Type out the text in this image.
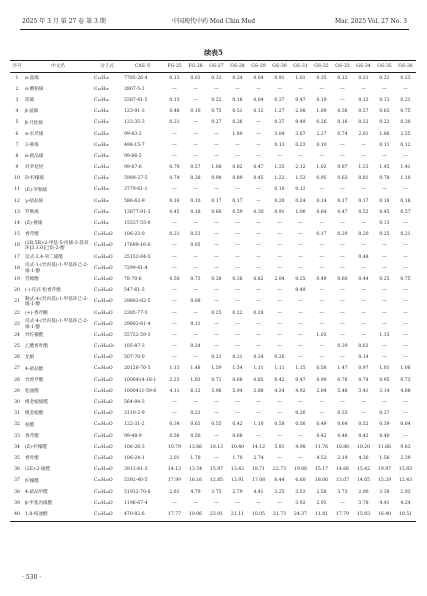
2025 年 3 月 第 27 卷 第 3 期	中国现代中药 Mod Chin Med	Mar. 2025 Vol. 27 No. 3
续表5
序号	中文名	分子式	CAS 号	FG-25	FG-26	GS-27	GS-28	GS-29	GS-30	GS-31	GS-32	GS-33	GS-34	GS-35	GS-36
1	α-蒎烯	C₁₀H₁₆	7785-26-4	0.13	0.03	0.33	0.24	0.04	0.91	1.01	0.35	0.12	0.21	0.22	0.23
2	α-侧柏烯	C₁₀H₁₆	2867-5-2	—	—	—	—	—	—	—	—	—	—	—	—
3	莰烯	C₁₀H₁₆	3387-41-5	0.13	—	0.22	0.16	0.04	0.37	0.47	0.19	—	0.13	0.13	0.21
4	β-蒎烯	C₁₀H₁₆	123-91-3	0.48	0.10	0.75	0.51	0.12	1.27	2.08	1.09	0.38	0.57	0.63	0.75
5	β-月桂烯	C₁₀H₁₆	123-35-3	0.21	—	0.27	0.26	—	0.37	0.49	0.26	0.16	0.22	0.22	0.30
6	α-水芹烯	C₁₀H₁₆	99-83-2	—	—	—	1.80	—	3.04	3.67	2.27	0.74	2.01	1.86	2.55
7	3-蒈烯	C₁₀H₁₆	498-15-7	—	—	—	—	—	0.13	0.23	0.10	—	—	0.11	0.12
8	α-萜品烯	C₁₀H₁₆	99-86-5	—	—	—	—	—	—	—	—	—	—	—	—
9	对伞花烃	C₁₀H₁₄	99-87-6	0.79	0.57	1.08	0.82	0.47	1.35	2.12	1.02	0.87	1.23	1.45	1.41
10	D-柠檬烯	C₁₀H₁₆	5989-27-5	0.74	0.38	0.98	0.89	0.45	1.22	1.53	0.95	0.63	0.81	0.78	1.10
11	(E)-罗勒烯	C₁₀H₁₆	3779-61-1	—	—	—	—	—	0.10	0.12	—	—	—	—	—
12	γ-萜品烯	C₁₀H₁₆	586-62-9	0.16	0.10	0.17	0.17	—	0.20	0.24	0.14	0.17	0.17	0.18	0.18
13	罗勒烯	C₁₀H₁₆	13877-91-3	0.45	0.18	0.66	0.59	0.30	0.91	1.06	0.64	0.47	0.52	0.45	0.57
14	(Z)-蒈烯	C₁₀H₁₆	15537-55-0	—	—	—	—	—	—	—	—	—	—	0.13	—
15	香芹醇	C₁₀H₁₆O	106-23-0	0.21	0.33	—	—	—	—	—	0.17	0.29	0.20	0.25	0.21
16	(2R,5R)-2-甲基-5-丙烯-2-基双环[3.1.0]己烷-2-醇	C₁₀H₁₈O	17699-16-0	—	0.05	—	—	—	—	—	—	—	—	—	—
17	反式-2,4-癸二烯醛	C₁₀H₁₆O	25152-84-5	—	—	—	—	—	—	—	—	—	0.48	—	—
18	反式-1-(异丙基)-1-甲基环己-2-烯-1-醇	C₁₀H₁₈O	7299-41-4	—	—	—	—	—	—	—	—	—	—	—	—
19	芳樟醇	C₁₀H₁₈O	78-70-6	0.50	0.73	0.38	0.36	0.82	2.04	0.25	0.49	0.60	0.44	0.25	0.75
20	(-)-反式-松香芹醇	C₁₀H₁₆O	547-61-5	—	—	—	—	—	—	0.49	—	—	—	—	—
21	顺式-4-(异丙基)-1-甲基环己-2-烯-1-醇	C₁₀H₁₈O	29803-82-5	—	0.08	—	—	—	—	—	—	—	—	—	—
22	(+)-香芹酮	C₁₀H₁₄O	2385-77-5	—	—	0.25	0.22	0.28	—	—	—	—	—	—	—
23	反式-4-(异丙基)-1-甲基环己-2-烯-1-醇	C₁₀H₁₈O	29803-81-4	—	0.11	—	—	—	—	—	—	—	—	—	—
24	异柠檬醛	C₁₀H₁₆O	55722-59-3	—	—	—	—	—	—	—	1.03	—	—	1.15	—
25	乙酸香叶酯	C₁₂H₂₀O₂	105-87-3	—	0.24	—	—	—	—	—	—	0.39	0.62	—	—
26	龙脑	C₁₀H₁₈O	507-70-0	—	—	0.21	0.21	0.34	0.26	—	—	—	0.14	—	—
27	4-萜品醇	C₁₀H₁₈O	20126-76-5	1.13	1.48	1.59	1.54	1.11	1.11	1.15	0.58	1.47	0.97	1.01	1.06
28	异香芹醇	C₁₀H₁₆O	1000414-18-1	2.23	1.03	0.71	0.68	0.85	0.42	0.47	0.90	0.76	0.74	0.95	0.73
29	松油醇	C₁₀H₁₈O	1000411-59-6	4.11	6.12	5.96	5.94	3.88	4.24	4.92	2.04	5.48	3.41	3.14	4.08
30	桃金娘烯醛	C₁₀H₁₄O	564-94-3	—	—	—	—	—	—	—	—	—	—	—	—
31	桃金娘醇	C₁₀H₁₆O	3110-2-9	—	0.23	—	—	—	—	0.26	—	0.33	—	0.37	—
32	枯醛	C₁₀H₁₂O	122-31-2	0.34	0.63	0.55	0.42	1.10	0.58	0.56	0.49	0.64	0.52	0.39	0.64
33	香芹醇	C₁₀H₁₆O	99-48-9	0.56	0.56	—	0.68	—	—	—	0.42	0.46	0.42	0.40	—
34	(Z)-柠檬醛	C₁₀H₁₆O	106-26-3	10.79	13.66	10.13	10.40	14.12	5.81	4.98	11.76	10.86	10.20	11.66	9.83
35	香叶醇	C₁₀H₁₈O	106-24-1	2.01	1.70	—	1.70	2.74	—	—	4.53	2.19	4.36	1.56	2.39
36	(2E)-2-烯醛	C₁₀H₁₆O	3913-81-3	14.13	13.54	15.97	13.42	18.71	22.73	19.06	15.17	14.66	15.42	19.97	15.83
37	柠檬醛	C₁₀H₁₆O	5392-40-5	17.99	16.16	12.85	13.91	17.08	8.44	6.60	18.06	13.07	14.05	15.29	12.43
38	4-萜品甲醛	C₁₀H₁₄O	51932-70-8	2.81	4.79	3.75	2.79	4.41	3.25	3.53	2.58	3.73	2.90	3.38	2.93
39	β-甲基丙烯醛	C₁₀H₁₄O	1196-67-4	—	—	—	—	—	—	3.92	2.93	—	3.78	4.41	4.24
40	1,8-桉油醇	C₁₀H₁₈O	470-82-6	17.77	10.06	23.91	21.11	10.05	21.73	24.37	11.81	17.79	15.93	16.40	19.51
· 530 ·
